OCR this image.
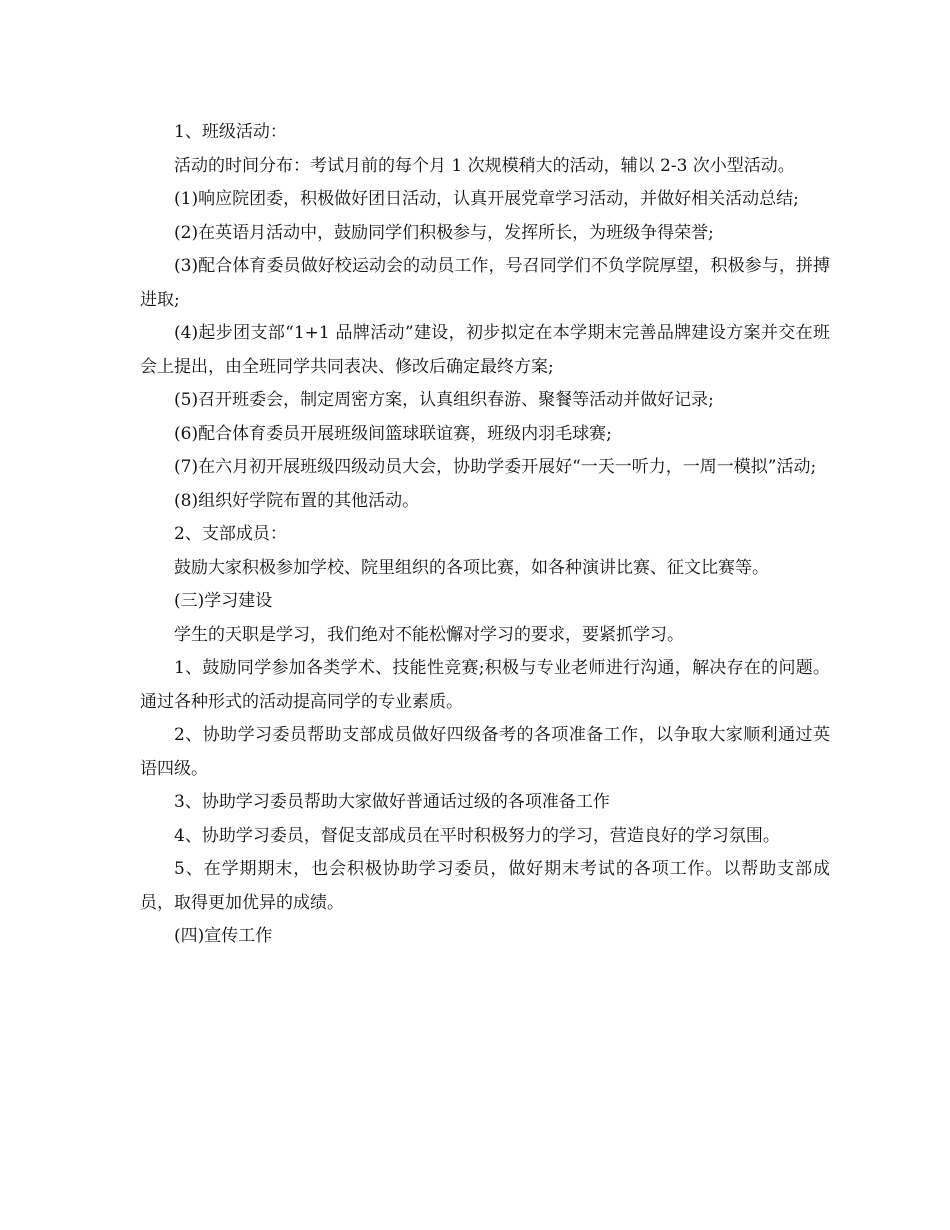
1、班级活动：

活动的时间分布：考试月前的每个月 1 次规模稍大的活动，辅以 2-3 次小型活动。

(1)响应院团委，积极做好团日活动，认真开展党章学习活动，并做好相关活动总结;

(2)在英语月活动中，鼓励同学们积极参与，发挥所长，为班级争得荣誉;

(3)配合体育委员做好校运动会的动员工作，号召同学们不负学院厚望，积极参与，拼搏进取;

(4)起步团支部“1+1 品牌活动”建设，初步拟定在本学期末完善品牌建设方案并交在班会上提出，由全班同学共同表决、修改后确定最终方案;

(5)召开班委会，制定周密方案，认真组织春游、聚餐等活动并做好记录;

(6)配合体育委员开展班级间篮球联谊赛，班级内羽毛球赛;

(7)在六月初开展班级四级动员大会，协助学委开展好“一天一听力，一周一模拟”活动;

(8)组织好学院布置的其他活动。

2、支部成员：

鼓励大家积极参加学校、院里组织的各项比赛，如各种演讲比赛、征文比赛等。

(三)学习建设

学生的天职是学习，我们绝对不能松懈对学习的要求，要紧抓学习。

1、鼓励同学参加各类学术、技能性竞赛;积极与专业老师进行沟通，解决存在的问题。通过各种形式的活动提高同学的专业素质。

2、协助学习委员帮助支部成员做好四级备考的各项准备工作，以争取大家顺利通过英语四级。

3、协助学习委员帮助大家做好普通话过级的各项准备工作

4、协助学习委员，督促支部成员在平时积极努力的学习，营造良好的学习氛围。

5、在学期期末，也会积极协助学习委员，做好期末考试的各项工作。以帮助支部成员，取得更加优异的成绩。

(四)宣传工作
